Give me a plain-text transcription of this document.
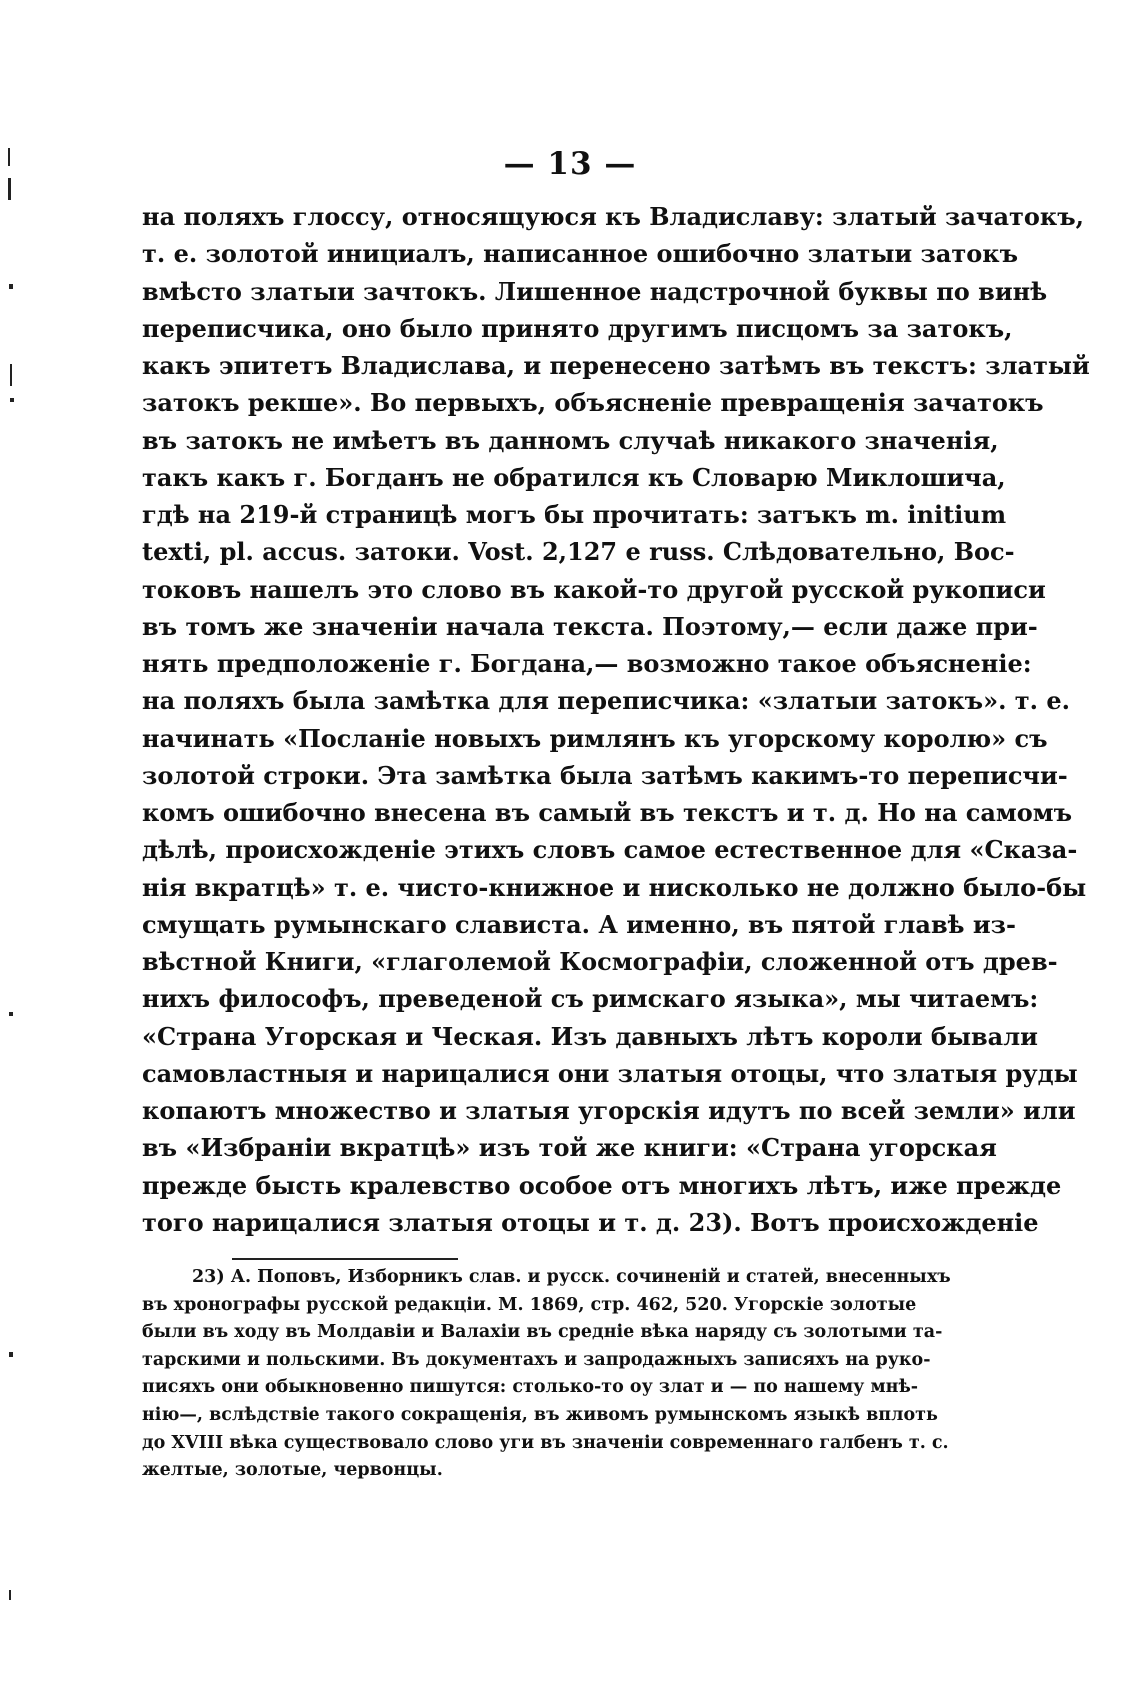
— 13 —
на поляхъ глоссу, относящуюся къ Владиславу: златый зачатокъ,
т. е. золотой инициалъ, написанное ошибочно златыи затокъ
вмѣсто златыи зачтокъ. Лишенное надстрочной буквы по винѣ
переписчика, оно было принято другимъ писцомъ за затокъ,
какъ эпитетъ Владислава, и перенесено затѣмъ въ текстъ: златый
затокъ рекше». Во первыхъ, объясненіе превращенія зачатокъ
въ затокъ не имѣетъ въ данномъ случаѣ никакого значенія,
такъ какъ г. Богданъ не обратился къ Словарю Миклошича,
гдѣ на 219-й страницѣ могъ бы прочитать: затъкъ m. initium
texti, pl. accus. затоки. Vost. 2,127 e russ. Слѣдовательно, Вос-
токовъ нашелъ это слово въ какой-то другой русской рукописи
въ томъ же значеніи начала текста. Поэтому,— если даже при-
нять предположеніе г. Богдана,— возможно такое объясненіе:
на поляхъ была замѣтка для переписчика: «златыи затокъ». т. е.
начинать «Посланіе новыхъ римлянъ къ угорскому королю» съ
золотой строки. Эта замѣтка была затѣмъ какимъ-то переписчи-
комъ ошибочно внесена въ самый въ текстъ и т. д. Но на самомъ
дѣлѣ, происхожденіе этихъ словъ самое естественное для «Сказа-
нія вкратцѣ» т. е. чисто-книжное и нисколько не должно было-бы
смущать румынскаго слависта. А именно, въ пятой главѣ из-
вѣстной Книги, «глаголемой Космографіи, сложенной отъ древ-
нихъ философъ, преведеной съ римскаго языка», мы читаемъ:
«Страна Угорская и Ческая. Изъ давныхъ лѣтъ короли бывали
самовластныя и нарицалися они златыя отоцы, что златыя руды
копаютъ множество и златыя угорскія идутъ по всей земли» или
въ «Избраніи вкратцѣ» изъ той же книги: «Страна угорская
прежде бысть кралевство особое отъ многихъ лѣтъ, иже прежде
того нарицалися златыя отоцы и т. д. 23). Вотъ происхожденіе
23) А. Поповъ, Изборникъ слав. и русск. сочиненій и статей, внесенныхъ
въ хронографы русской редакціи. М. 1869, стр. 462, 520. Угорскіе золотые
были въ ходу въ Молдавіи и Валахіи въ средніе вѣка наряду съ золотыми та-
тарскими и польскими. Въ документахъ и запродажныхъ записяхъ на руко-
писяхъ они обыкновенно пишутся: столько-то оу злат и — по нашему мнѣ-
нію—, вслѣдствіе такого сокращенія, въ живомъ румынскомъ языкѣ вплоть
до XVIII вѣка существовало слово уги въ значеніи современнаго галбенъ т. с.
желтые, золотые, червонцы.
